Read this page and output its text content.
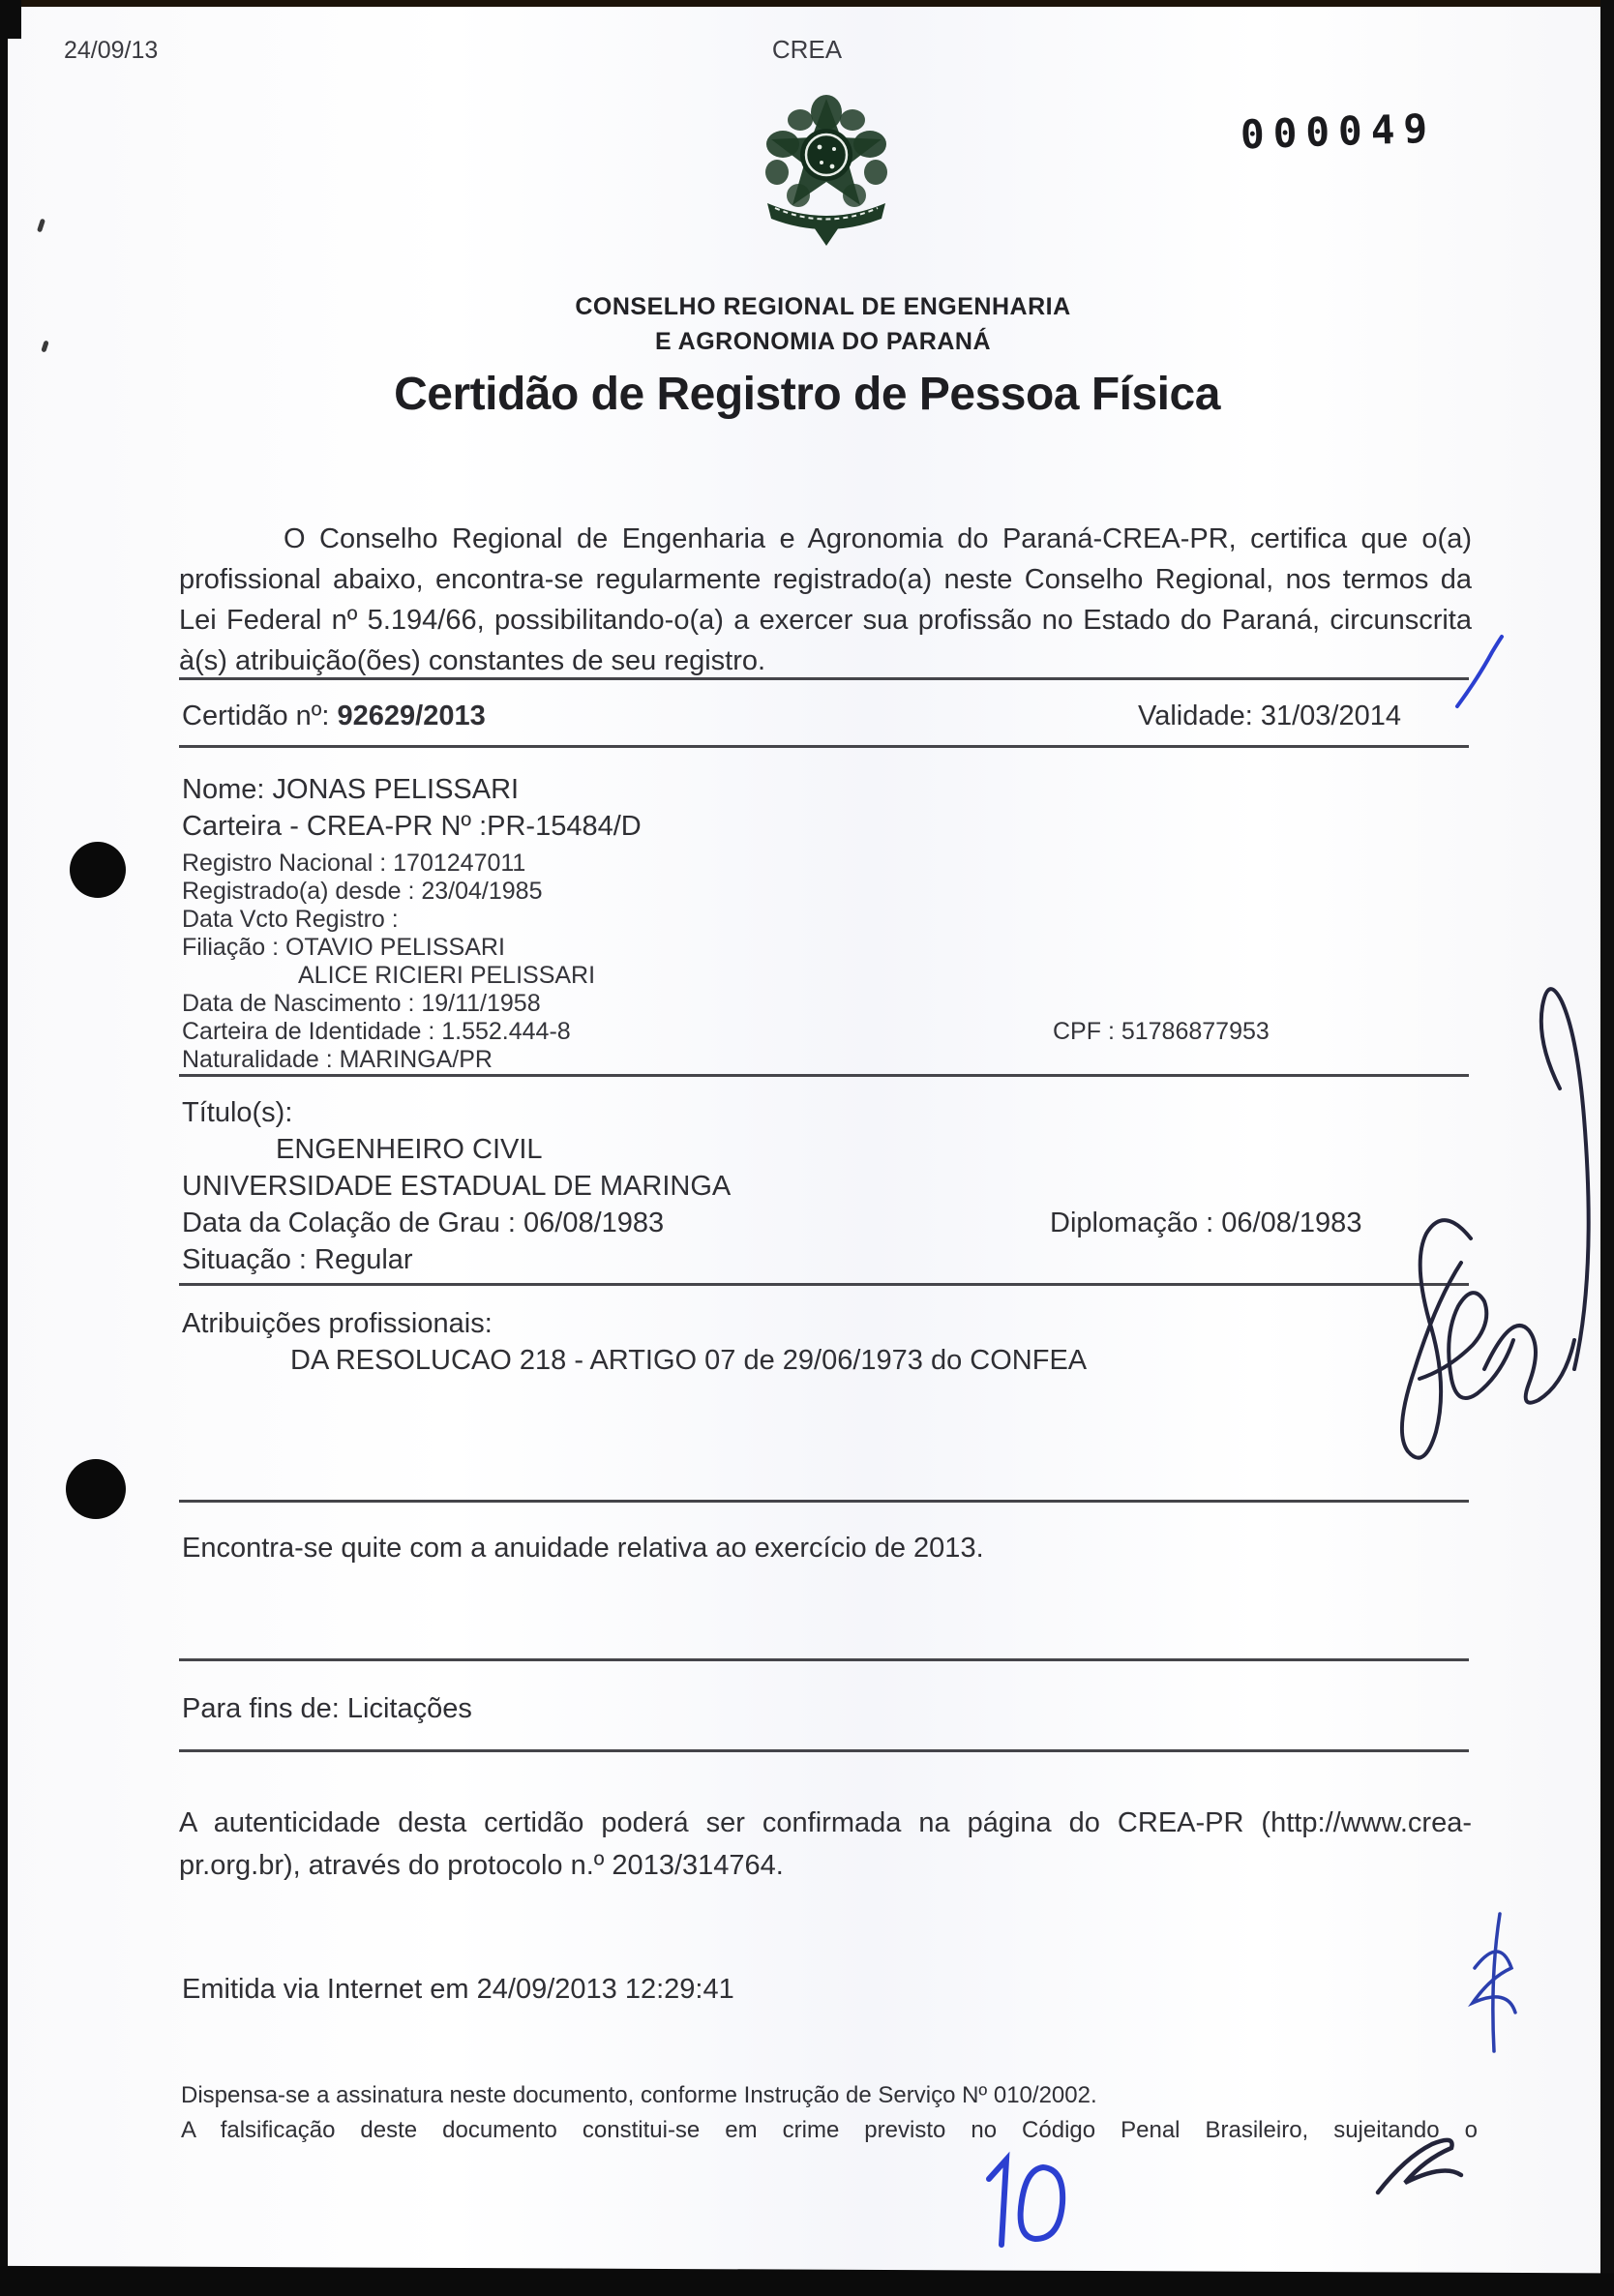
24/09/13	CREA
000049
CONSELHO REGIONAL DE ENGENHARIA
E AGRONOMIA DO PARANÁ
Certidão de Registro de Pessoa Física
O Conselho Regional de Engenharia e Agronomia do Paraná-CREA-PR, certifica que o(a) profissional abaixo, encontra-se regularmente registrado(a) neste Conselho Regional, nos termos da Lei Federal nº 5.194/66, possibilitando-o(a) a exercer sua profissão no Estado do Paraná, circunscrita à(s) atribuição(ões) constantes de seu registro.
Certidão nº: 92629/2013	Validade: 31/03/2014
Nome: JONAS PELISSARI
Carteira - CREA-PR Nº :PR-15484/D
Registro Nacional : 1701247011
Registrado(a) desde : 23/04/1985
Data Vcto Registro :
Filiação : OTAVIO PELISSARI
ALICE RICIERI PELISSARI
Data de Nascimento : 19/11/1958
Carteira de Identidade : 1.552.444-8	CPF : 51786877953
Naturalidade : MARINGA/PR
Título(s):
ENGENHEIRO CIVIL
UNIVERSIDADE ESTADUAL DE MARINGA
Data da Colação de Grau : 06/08/1983	Diplomação : 06/08/1983
Situação : Regular
Atribuições profissionais:
DA RESOLUCAO 218 - ARTIGO 07 de 29/06/1973 do CONFEA
Encontra-se quite com a anuidade relativa ao exercício de 2013.
Para fins de: Licitações
A autenticidade desta certidão poderá ser confirmada na página do CREA-PR (http://www.crea-pr.org.br), através do protocolo n.º 2013/314764.
Emitida via Internet em 24/09/2013 12:29:41
Dispensa-se a assinatura neste documento, conforme Instrução de Serviço Nº 010/2002.
A falsificação deste documento constitui-se em crime previsto no Código Penal Brasileiro, sujeitando o
